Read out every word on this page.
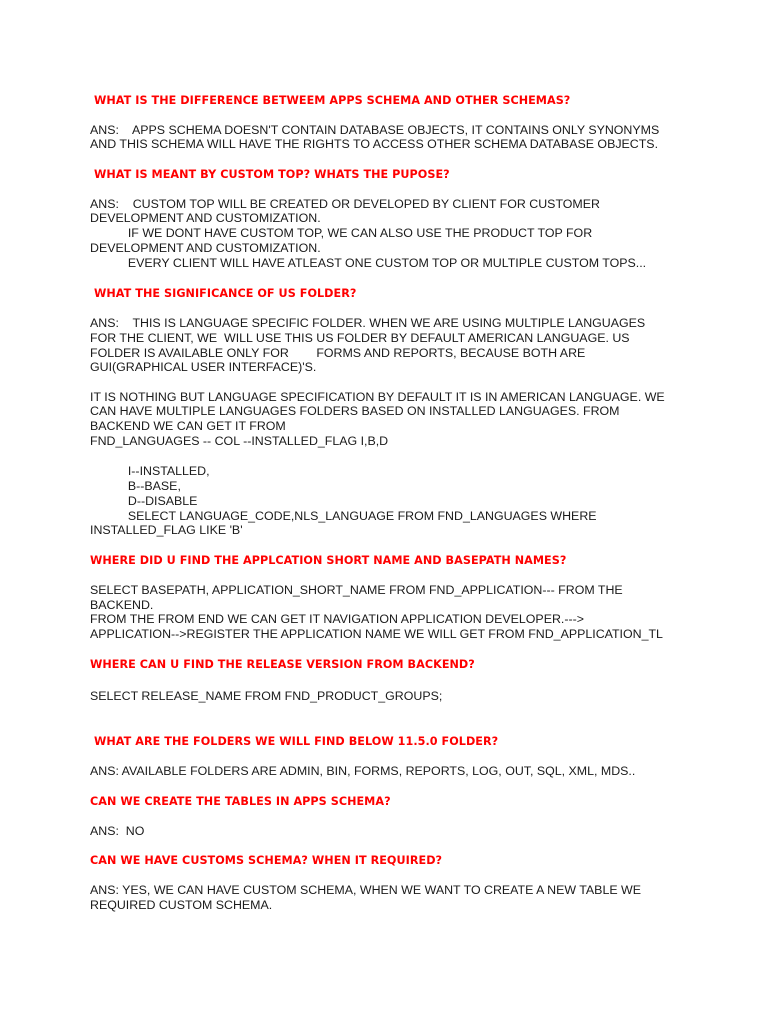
WHAT IS THE DIFFERENCE BETWEEM APPS SCHEMA AND OTHER SCHEMAS?
ANS:    APPS SCHEMA DOESN'T CONTAIN DATABASE OBJECTS, IT CONTAINS ONLY SYNONYMS
AND THIS SCHEMA WILL HAVE THE RIGHTS TO ACCESS OTHER SCHEMA DATABASE OBJECTS.
WHAT IS MEANT BY CUSTOM TOP? WHATS THE PUPOSE?
ANS:    CUSTOM TOP WILL BE CREATED OR DEVELOPED BY CLIENT FOR CUSTOMER
DEVELOPMENT AND CUSTOMIZATION.
IF WE DONT HAVE CUSTOM TOP, WE CAN ALSO USE THE PRODUCT TOP FOR
DEVELOPMENT AND CUSTOMIZATION.
EVERY CLIENT WILL HAVE ATLEAST ONE CUSTOM TOP OR MULTIPLE CUSTOM TOPS...
WHAT THE SIGNIFICANCE OF US FOLDER?
ANS:    THIS IS LANGUAGE SPECIFIC FOLDER. WHEN WE ARE USING MULTIPLE LANGUAGES
FOR THE CLIENT, WE  WILL USE THIS US FOLDER BY DEFAULT AMERICAN LANGUAGE. US
FOLDER IS AVAILABLE ONLY FOR        FORMS AND REPORTS, BECAUSE BOTH ARE
GUI(GRAPHICAL USER INTERFACE)'S.
IT IS NOTHING BUT LANGUAGE SPECIFICATION BY DEFAULT IT IS IN AMERICAN LANGUAGE. WE
CAN HAVE MULTIPLE LANGUAGES FOLDERS BASED ON INSTALLED LANGUAGES. FROM
BACKEND WE CAN GET IT FROM
FND_LANGUAGES -- COL --INSTALLED_FLAG I,B,D
I--INSTALLED,
B--BASE,
D--DISABLE
SELECT LANGUAGE_CODE,NLS_LANGUAGE FROM FND_LANGUAGES WHERE
INSTALLED_FLAG LIKE 'B'
WHERE DID U FIND THE APPLCATION SHORT NAME AND BASEPATH NAMES?
SELECT BASEPATH, APPLICATION_SHORT_NAME FROM FND_APPLICATION--- FROM THE
BACKEND.
FROM THE FROM END WE CAN GET IT NAVIGATION APPLICATION DEVELOPER.--->
APPLICATION-->REGISTER THE APPLICATION NAME WE WILL GET FROM FND_APPLICATION_TL
WHERE CAN U FIND THE RELEASE VERSION FROM BACKEND?
SELECT RELEASE_NAME FROM FND_PRODUCT_GROUPS;
WHAT ARE THE FOLDERS WE WILL FIND BELOW 11.5.0 FOLDER?
ANS: AVAILABLE FOLDERS ARE ADMIN, BIN, FORMS, REPORTS, LOG, OUT, SQL, XML, MDS..
CAN WE CREATE THE TABLES IN APPS SCHEMA?
ANS:  NO
CAN WE HAVE CUSTOMS SCHEMA? WHEN IT REQUIRED?
ANS: YES, WE CAN HAVE CUSTOM SCHEMA, WHEN WE WANT TO CREATE A NEW TABLE WE
REQUIRED CUSTOM SCHEMA.
